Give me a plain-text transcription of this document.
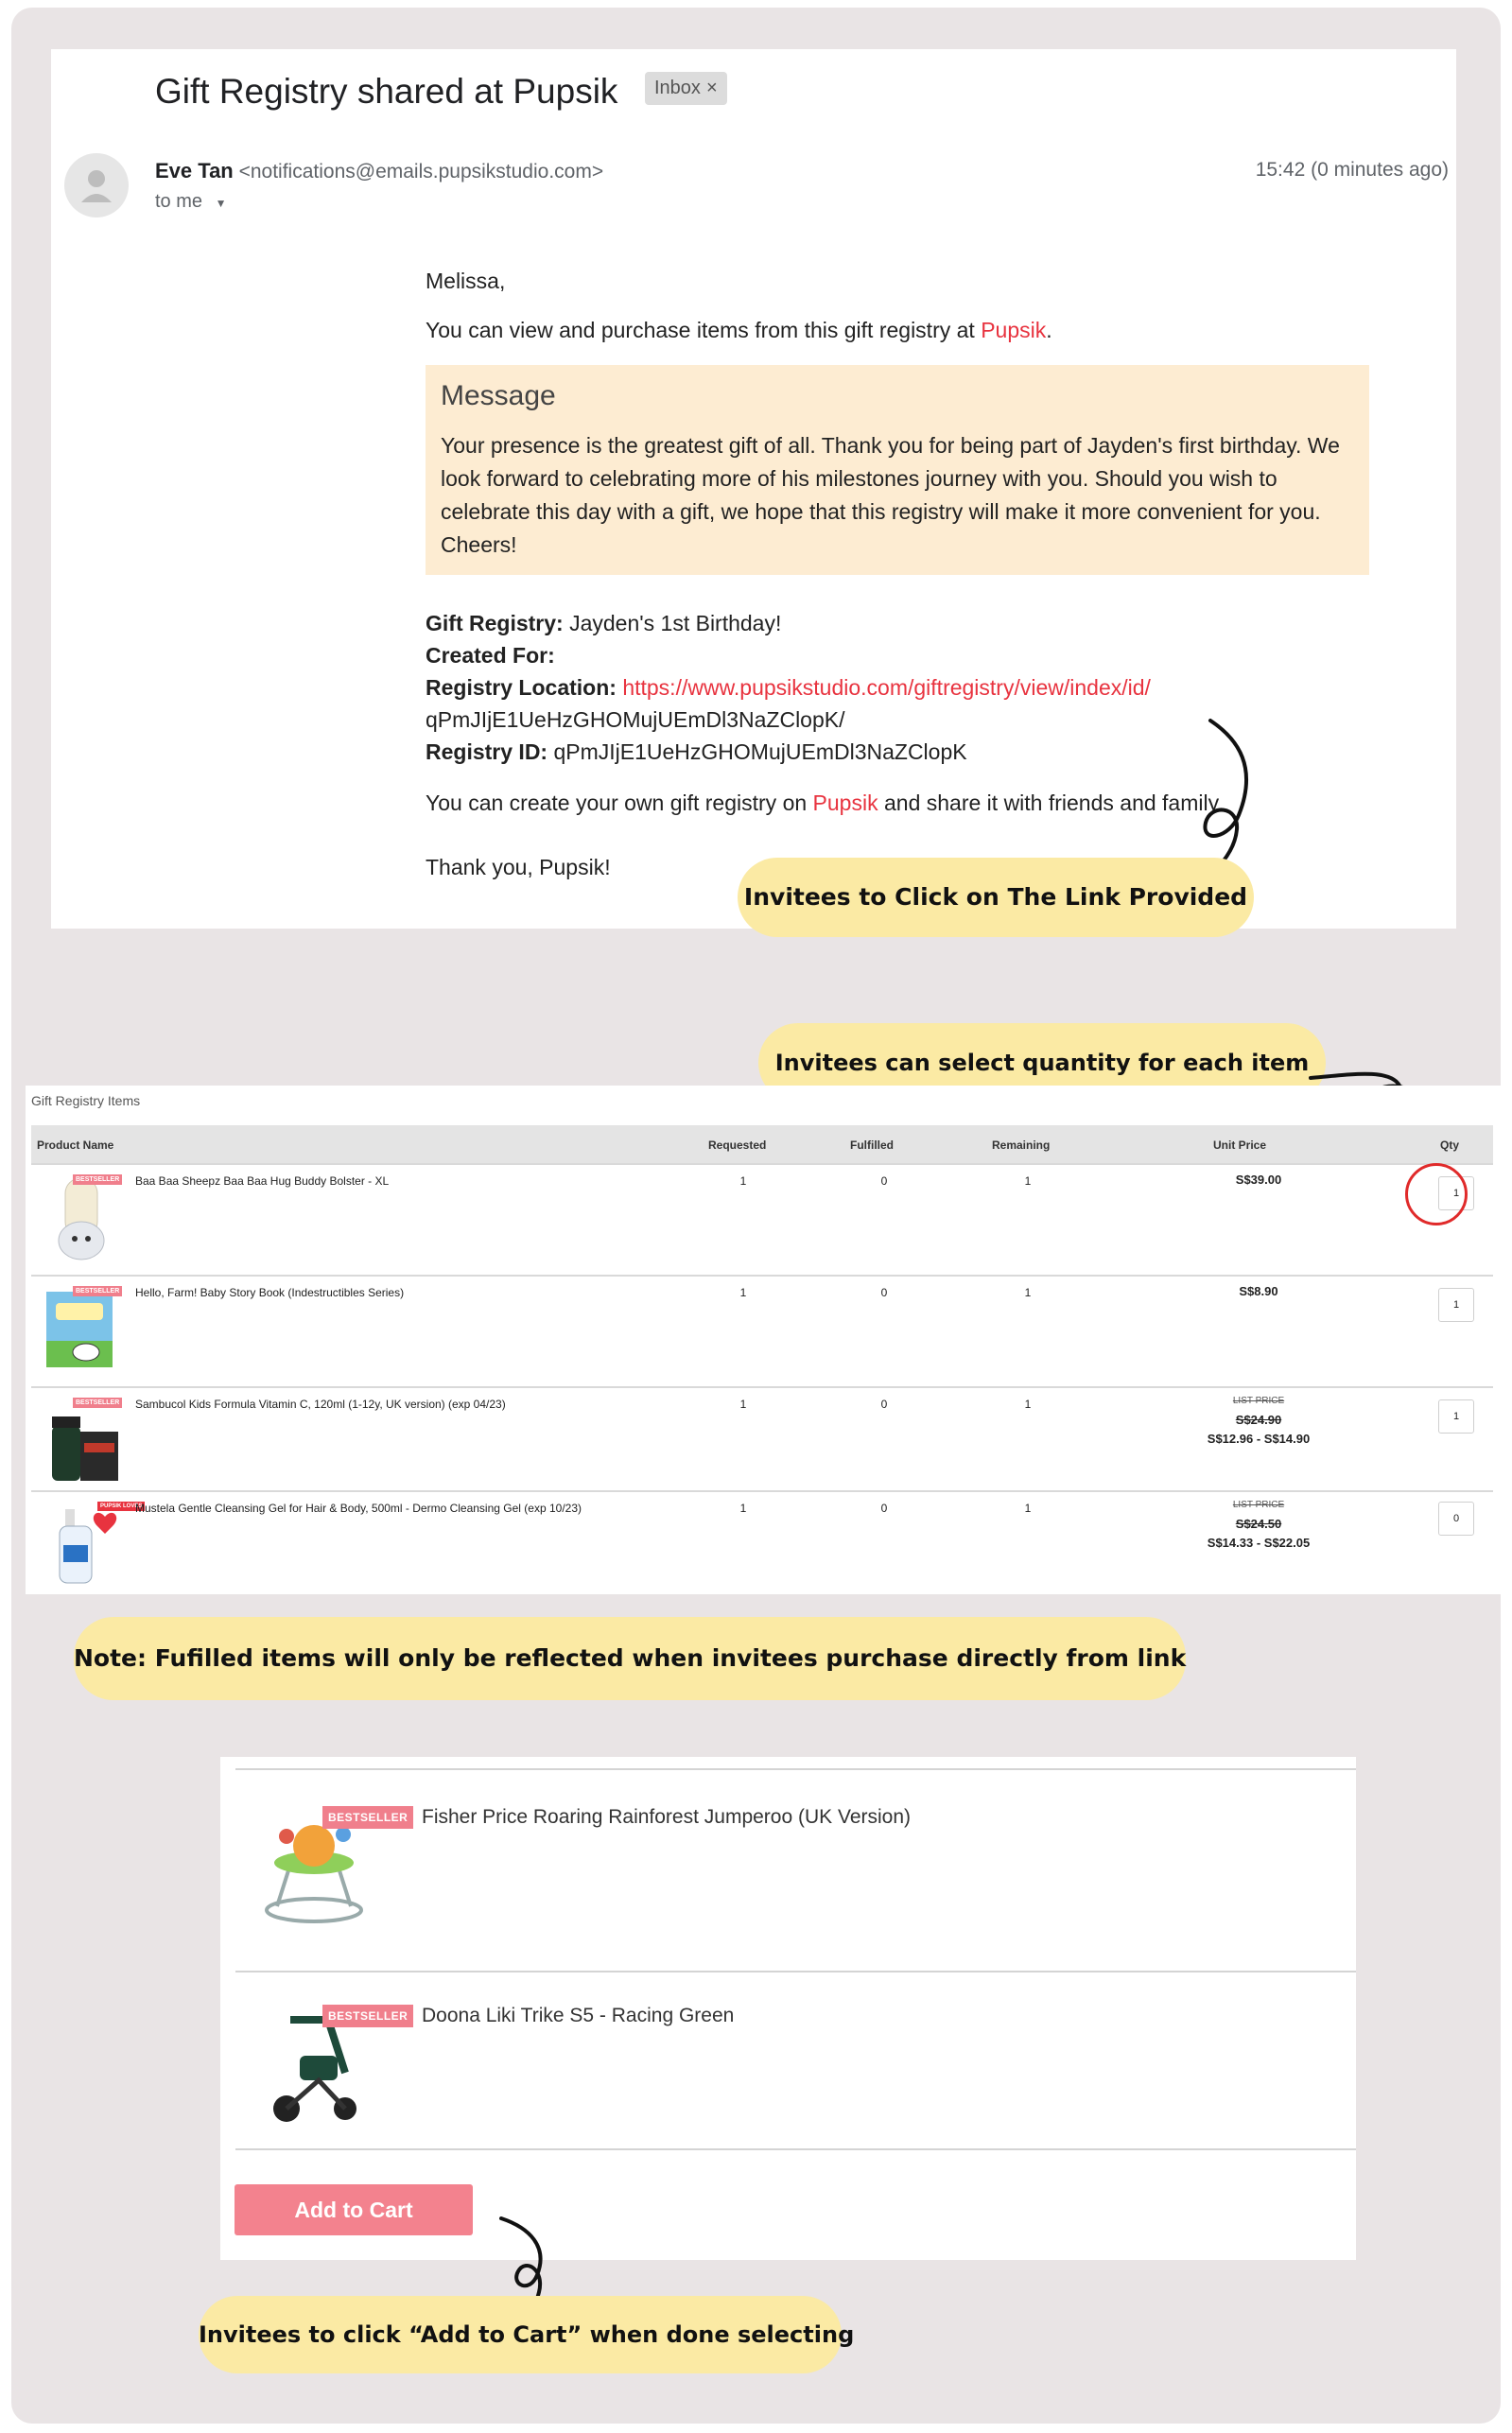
Gift Registry shared at Pupsik	Inbox ×
Eve Tan <notifications@emails.pupsikstudio.com>
to me ▼
15:42 (0 minutes ago)
Melissa,
You can view and purchase items from this gift registry at Pupsik.
Message
Your presence is the greatest gift of all. Thank you for being part of Jayden's first birthday. We look forward to celebrating more of his milestones journey with you. Should you wish to celebrate this day with a gift, we hope that this registry will make it more convenient for you. Cheers!
Gift Registry: Jayden's 1st Birthday!
Created For:
Registry Location: https://www.pupsikstudio.com/giftregistry/view/index/id/
qPmJIjE1UeHzGHOMujUEmDl3NaZClopK/
Registry ID: qPmJIjE1UeHzGHOMujUEmDl3NaZClopK
You can create your own gift registry on Pupsik and share it with friends and family.
Thank you, Pupsik!
Invitees to Click on The Link Provided
Invitees can select quantity for each item
Gift Registry Items
Product Name	Requested	Fulfilled	Remaining	Unit Price	Qty
BESTSELLER Baa Baa Sheepz Baa Baa Hug Buddy Bolster - XL	1	0	1	S$39.00
1
BESTSELLER Hello, Farm! Baby Story Book (Indestructibles Series)	1	0	1	S$8.90
1
BESTSELLER Sambucol Kids Formula Vitamin C, 120ml (1-12y, UK version) (exp 04/23)	1	0	1	LIST PRICE
S$24.90
S$12.96 - S$14.90
1
PUPSIK LOVES
Mustela Gentle Cleansing Gel for Hair & Body, 500ml - Dermo Cleansing Gel (exp 10/23)	1	0	1	LIST PRICE
S$24.50
S$14.33 - S$22.05
0
Note: Fufilled items will only be reflected when invitees purchase directly from link
BESTSELLER Fisher Price Roaring Rainforest Jumperoo (UK Version)
BESTSELLER Doona Liki Trike S5 - Racing Green
Add to Cart
Invitees to click “Add to Cart” when done selecting
